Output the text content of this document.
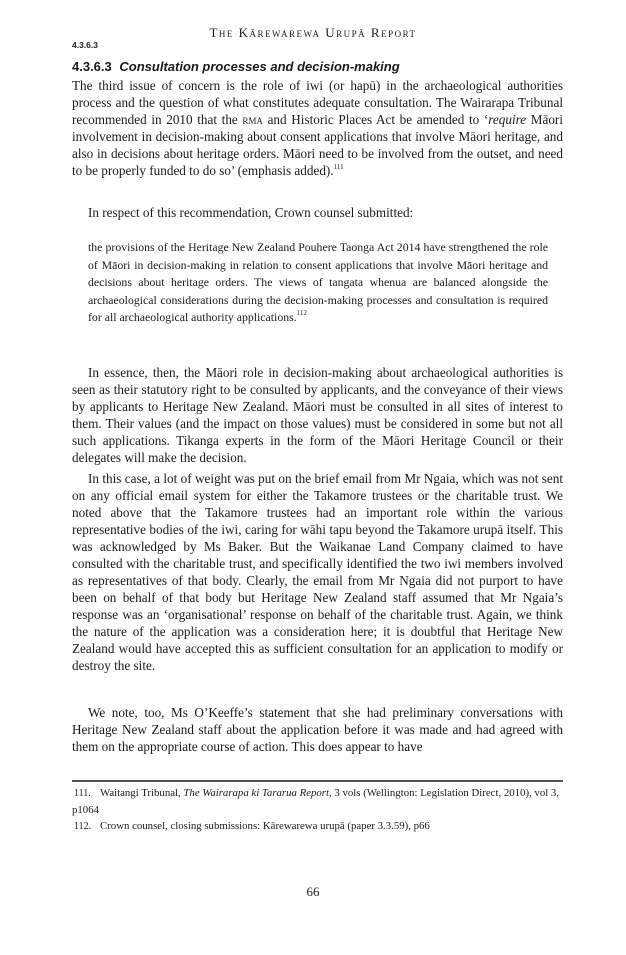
The Kārewarewa Urupā Report
4.3.6.3
4.3.6.3 Consultation processes and decision-making

The third issue of concern is the role of iwi (or hapū) in the archaeological authorities process and the question of what constitutes adequate consultation. The Wairarapa Tribunal recommended in 2010 that the rma and Historic Places Act be amended to ‘require Māori involvement in decision-making about consent applications that involve Māori heritage, and also in decisions about heritage orders. Māori need to be involved from the outset, and need to be properly funded to do so’ (emphasis added).$^{111}$

In respect of this recommendation, Crown counsel submitted:

the provisions of the Heritage New Zealand Pouhere Taonga Act 2014 have strengthened the role of Māori in decision-making in relation to consent applications that involve Māori heritage and decisions about heritage orders. The views of tangata whenua are balanced alongside the archaeological considerations during the decision-making processes and consultation is required for all archaeological authority applications.$^{112}$

In essence, then, the Māori role in decision-making about archaeological authorities is seen as their statutory right to be consulted by applicants, and the conveyance of their views by applicants to Heritage New Zealand. Māori must be consulted in all sites of interest to them. Their values (and the impact on those values) must be considered in some but not all such applications. Tikanga experts in the form of the Māori Heritage Council or their delegates will make the decision.

In this case, a lot of weight was put on the brief email from Mr Ngaia, which was not sent on any official email system for either the Takamore trustees or the charitable trust. We noted above that the Takamore trustees had an important role within the various representative bodies of the iwi, caring for wāhi tapu beyond the Takamore urupā itself. This was acknowledged by Ms Baker. But the Waikanae Land Company claimed to have consulted with the charitable trust, and specifically identified the two iwi members involved as representatives of that body. Clearly, the email from Mr Ngaia did not purport to have been on behalf of that body but Heritage New Zealand staff assumed that Mr Ngaia’s response was an ‘organisational’ response on behalf of the charitable trust. Again, we think the nature of the application was a consideration here; it is doubtful that Heritage New Zealand would have accepted this as sufficient consultation for an application to modify or destroy the site.

We note, too, Ms O’Keeffe’s statement that she had preliminary conversations with Heritage New Zealand staff about the application before it was made and had agreed with them on the appropriate course of action. This does appear to have

111. Waitangi Tribunal, The Wairarapa ki Tararua Report, 3 vols (Wellington: Legislation Direct, 2010), vol 3, p1064

112. Crown counsel, closing submissions: Kārewarewa urupā (paper 3.3.59), p66

66
